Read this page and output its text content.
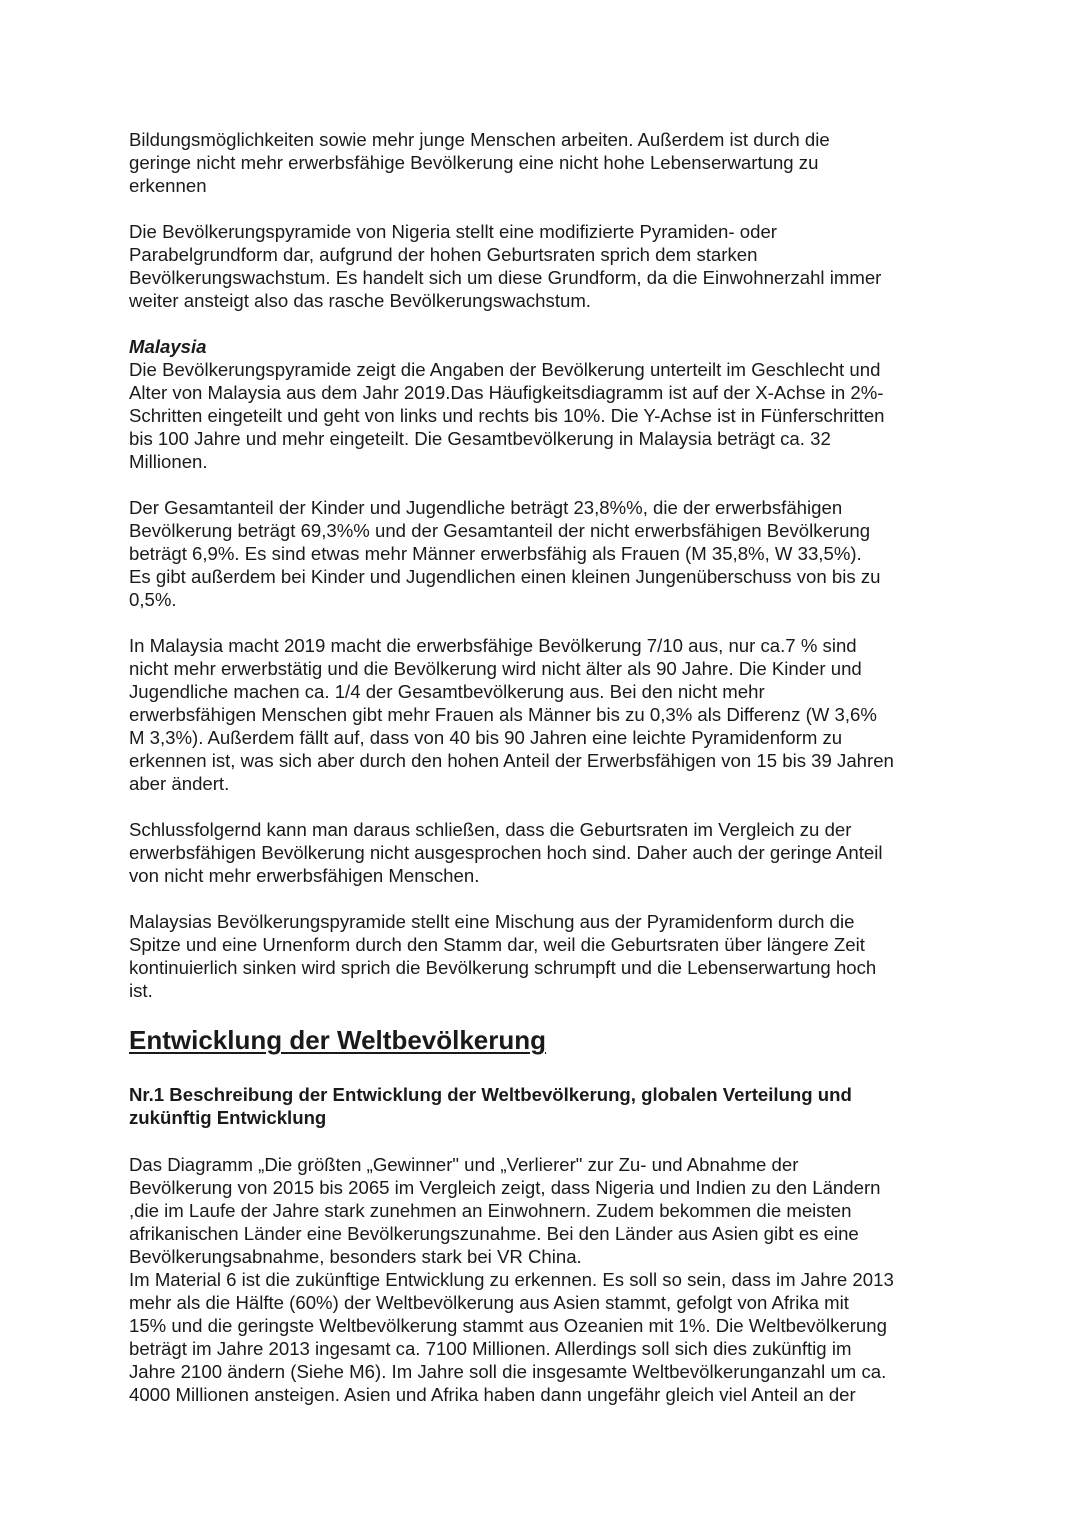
Bildungsmöglichkeiten sowie mehr junge Menschen arbeiten. Außerdem ist durch die
geringe nicht mehr erwerbsfähige Bevölkerung eine nicht hohe Lebenserwartung zu
erkennen
Die Bevölkerungspyramide von Nigeria stellt eine modifizierte Pyramiden- oder
Parabelgrundform dar, aufgrund der hohen Geburtsraten sprich dem starken
Bevölkerungswachstum. Es handelt sich um diese Grundform, da die Einwohnerzahl immer
weiter ansteigt also das rasche Bevölkerungswachstum.
Malaysia
Die Bevölkerungspyramide zeigt die Angaben der Bevölkerung unterteilt im Geschlecht und
Alter von Malaysia aus dem Jahr 2019.Das Häufigkeitsdiagramm ist auf der X-Achse in 2%-
Schritten eingeteilt und geht von links und rechts bis 10%. Die Y-Achse ist in Fünferschritten
bis 100 Jahre und mehr eingeteilt. Die Gesamtbevölkerung in Malaysia beträgt ca. 32
Millionen.
Der Gesamtanteil der Kinder und Jugendliche beträgt 23,8%%, die der erwerbsfähigen
Bevölkerung beträgt 69,3%% und der Gesamtanteil der nicht erwerbsfähigen Bevölkerung
beträgt 6,9%. Es sind etwas mehr Männer erwerbsfähig als Frauen (M 35,8%, W 33,5%).
Es gibt außerdem bei Kinder und Jugendlichen einen kleinen Jungenüberschuss von bis zu
0,5%.
In Malaysia macht 2019 macht die erwerbsfähige Bevölkerung 7/10 aus, nur ca.7 % sind
nicht mehr erwerbstätig und die Bevölkerung wird nicht älter als 90 Jahre. Die Kinder und
Jugendliche machen ca. 1/4 der Gesamtbevölkerung aus. Bei den nicht mehr
erwerbsfähigen Menschen gibt mehr Frauen als Männer bis zu 0,3% als Differenz (W 3,6%
M 3,3%). Außerdem fällt auf, dass von 40 bis 90 Jahren eine leichte Pyramidenform zu
erkennen ist, was sich aber durch den hohen Anteil der Erwerbsfähigen von 15 bis 39 Jahren
aber ändert.
Schlussfolgernd kann man daraus schließen, dass die Geburtsraten im Vergleich zu der
erwerbsfähigen Bevölkerung nicht ausgesprochen hoch sind. Daher auch der geringe Anteil
von nicht mehr erwerbsfähigen Menschen.
Malaysias Bevölkerungspyramide stellt eine Mischung aus der Pyramidenform durch die
Spitze und eine Urnenform durch den Stamm dar, weil die Geburtsraten über längere Zeit
kontinuierlich sinken wird sprich die Bevölkerung schrumpft und die Lebenserwartung hoch
ist.
Entwicklung der Weltbevölkerung
Nr.1 Beschreibung der Entwicklung der Weltbevölkerung, globalen Verteilung und
zukünftig Entwicklung
Das Diagramm „Die größten „Gewinner" und „Verlierer" zur Zu- und Abnahme der
Bevölkerung von 2015 bis 2065 im Vergleich zeigt, dass Nigeria und Indien zu den Ländern
,die im Laufe der Jahre stark zunehmen an Einwohnern. Zudem bekommen die meisten
afrikanischen Länder eine Bevölkerungszunahme. Bei den Länder aus Asien gibt es eine
Bevölkerungsabnahme, besonders stark bei VR China.
Im Material 6 ist die zukünftige Entwicklung zu erkennen. Es soll so sein, dass im Jahre 2013
mehr als die Hälfte (60%) der Weltbevölkerung aus Asien stammt, gefolgt von Afrika mit
15% und die geringste Weltbevölkerung stammt aus Ozeanien mit 1%. Die Weltbevölkerung
beträgt im Jahre 2013 ingesamt ca. 7100 Millionen. Allerdings soll sich dies zukünftig im
Jahre 2100 ändern (Siehe M6). Im Jahre soll die insgesamte Weltbevölkerunganzahl um ca.
4000 Millionen ansteigen. Asien und Afrika haben dann ungefähr gleich viel Anteil an der
